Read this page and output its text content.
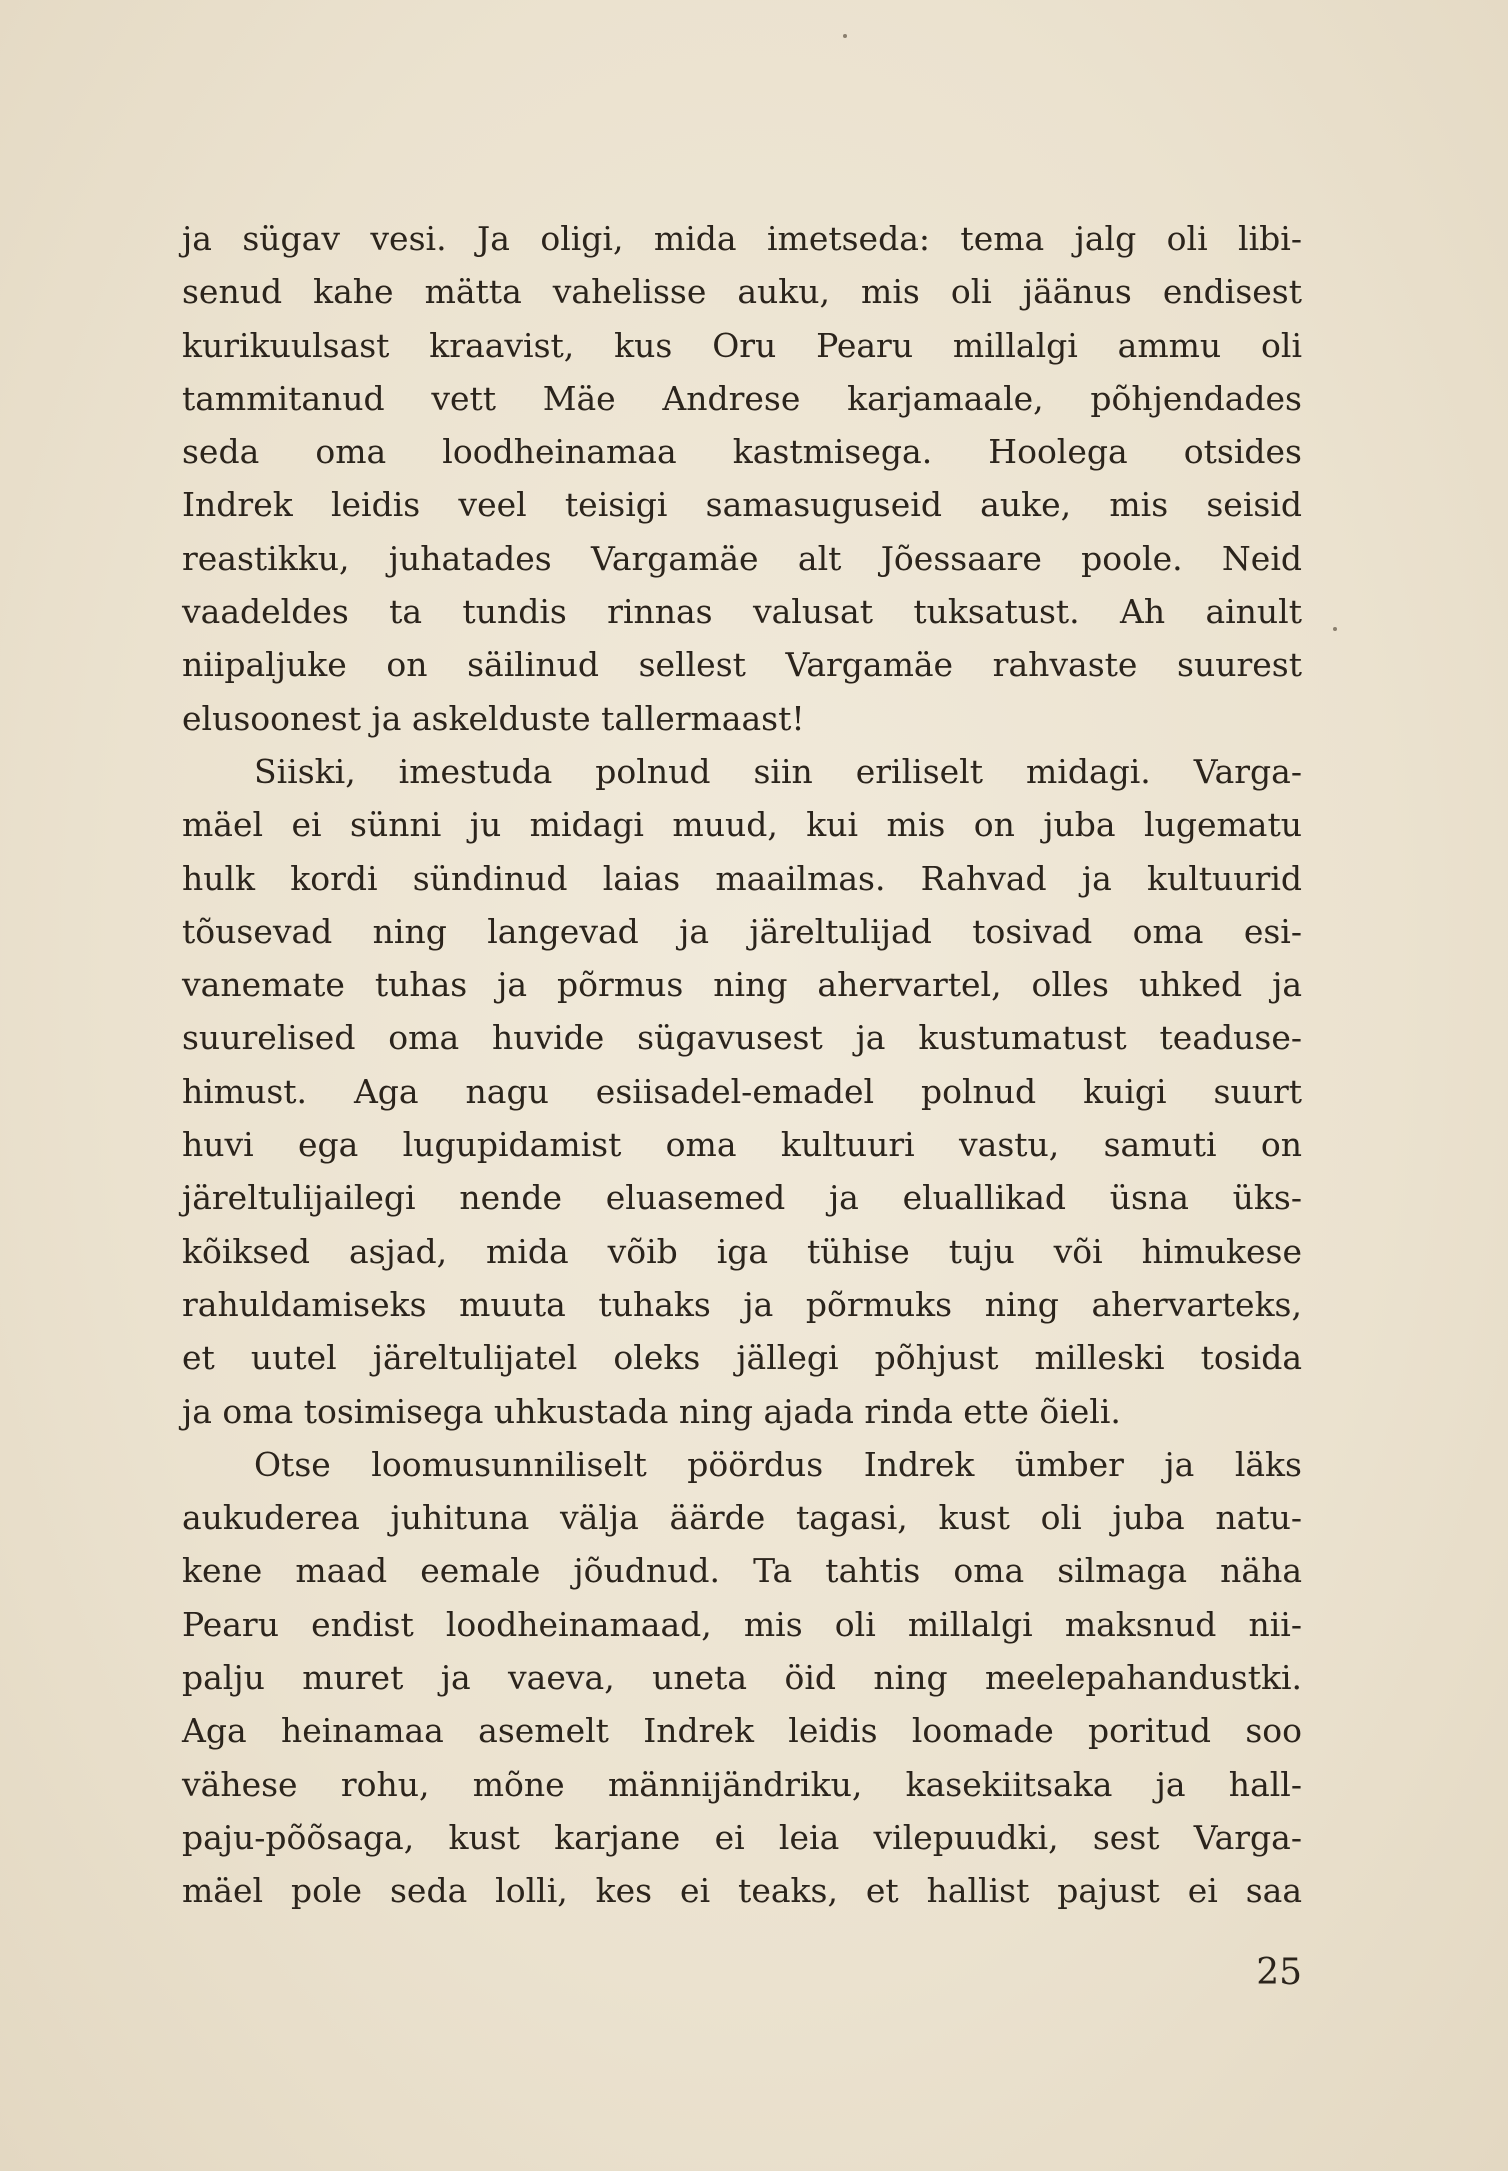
ja sügav vesi. Ja oligi, mida imetseda: tema jalg oli libi-
senud kahe mätta vahelisse auku, mis oli jäänus endisest
kurikuulsast kraavist, kus Oru Pearu millalgi ammu oli
tammitanud vett Mäe Andrese karjamaale, põhjendades
seda oma loodheinamaa kastmisega. Hoolega otsides
Indrek leidis veel teisigi samasuguseid auke, mis seisid
reastikku, juhatades Vargamäe alt Jõessaare poole. Neid
vaadeldes ta tundis rinnas valusat tuksatust. Ah ainult
niipaljuke on säilinud sellest Vargamäe rahvaste suurest
elusoonest ja askelduste tallermaast!
Siiski, imestuda polnud siin eriliselt midagi. Varga-
mäel ei sünni ju midagi muud, kui mis on juba lugematu
hulk kordi sündinud laias maailmas. Rahvad ja kultuurid
tõusevad ning langevad ja järeltulijad tosivad oma esi-
vanemate tuhas ja põrmus ning ahervartel, olles uhked ja
suurelised oma huvide sügavusest ja kustumatust teaduse-
himust. Aga nagu esiisadel-emadel polnud kuigi suurt
huvi ega lugupidamist oma kultuuri vastu, samuti on
järeltulijailegi nende eluasemed ja eluallikad üsna üks-
kõiksed asjad, mida võib iga tühise tuju või himukese
rahuldamiseks muuta tuhaks ja põrmuks ning ahervarteks,
et uutel järeltulijatel oleks jällegi põhjust milleski tosida
ja oma tosimisega uhkustada ning ajada rinda ette õieli.
Otse loomusunniliselt pöördus Indrek ümber ja läks
aukuderea juhituna välja äärde tagasi, kust oli juba natu-
kene maad eemale jõudnud. Ta tahtis oma silmaga näha
Pearu endist loodheinamaad, mis oli millalgi maksnud nii-
palju muret ja vaeva, uneta öid ning meelepahandustki.
Aga heinamaa asemelt Indrek leidis loomade poritud soo
vähese rohu, mõne männijändriku, kasekiitsaka ja hall-
paju-põõsaga, kust karjane ei leia vilepuudki, sest Varga-
mäel pole seda lolli, kes ei teaks, et hallist pajust ei saa
25
